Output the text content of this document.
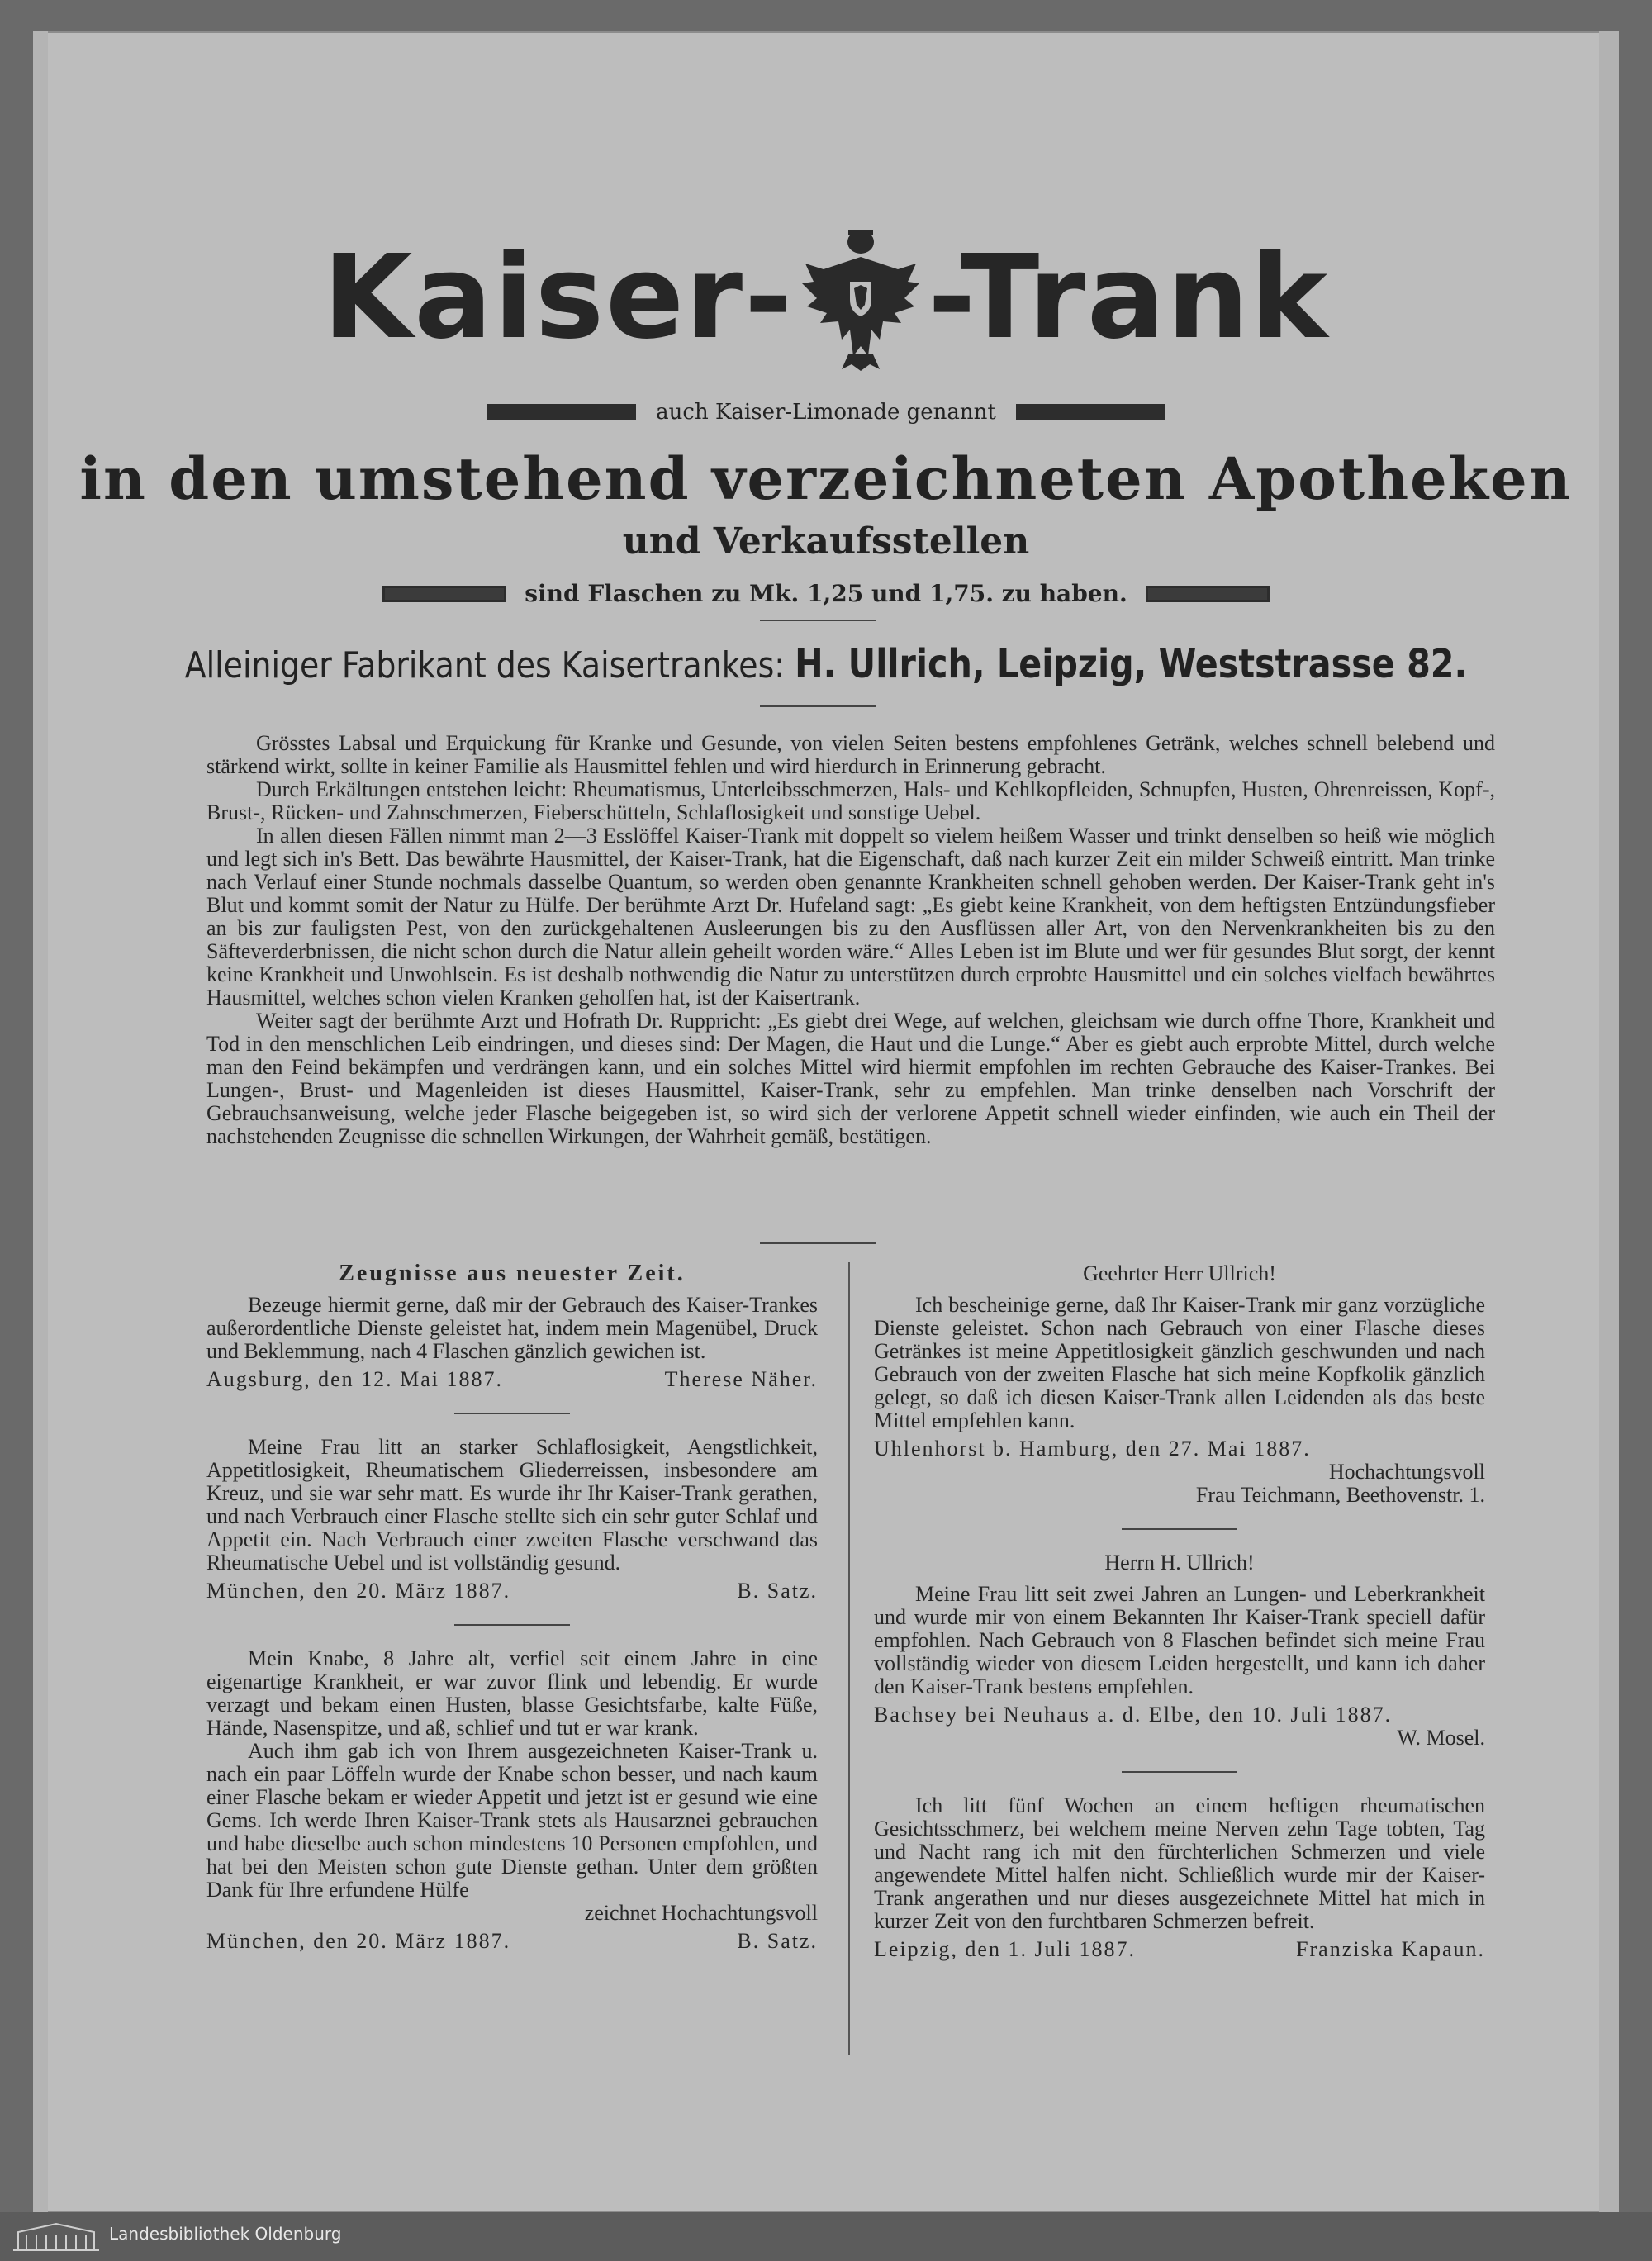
Kaiser- -Trank
auch Kaiser-Limonade genannt
in den umstehend verzeichneten Apotheken
und Verkaufsstellen
sind Flaschen zu Mk. 1,25 und 1,75. zu haben.
Alleiniger Fabrikant des Kaisertrankes: H. Ullrich, Leipzig, Weststrasse 82.

Grösstes Labsal und Erquickung für Kranke und Gesunde, von vielen Seiten bestens empfohlenes Getränk, welches schnell belebend und stärkend wirkt, sollte in keiner Familie als Hausmittel fehlen und wird hierdurch in Erinnerung gebracht.

Durch Erkältungen entstehen leicht: Rheumatismus, Unterleibsschmerzen, Hals- und Kehlkopfleiden, Schnupfen, Husten, Ohrenreissen, Kopf-, Brust-, Rücken- und Zahnschmerzen, Fieberschütteln, Schlaflosigkeit und sonstige Uebel.

In allen diesen Fällen nimmt man 2—3 Esslöffel Kaiser-Trank mit doppelt so vielem heißem Wasser und trinkt denselben so heiß wie möglich und legt sich in's Bett. Das bewährte Hausmittel, der Kaiser-Trank, hat die Eigenschaft, daß nach kurzer Zeit ein milder Schweiß eintritt. Man trinke nach Verlauf einer Stunde nochmals dasselbe Quantum, so werden oben genannte Krankheiten schnell gehoben werden. Der Kaiser-Trank geht in's Blut und kommt somit der Natur zu Hülfe. Der berühmte Arzt Dr. Hufeland sagt: „Es giebt keine Krankheit, von dem heftigsten Entzündungsfieber an bis zur fauligsten Pest, von den zurückgehaltenen Ausleerungen bis zu den Ausflüssen aller Art, von den Nervenkrankheiten bis zu den Säfteverderbnissen, die nicht schon durch die Natur allein geheilt worden wäre.“ Alles Leben ist im Blute und wer für gesundes Blut sorgt, der kennt keine Krankheit und Unwohlsein. Es ist deshalb nothwendig die Natur zu unterstützen durch erprobte Hausmittel und ein solches vielfach bewährtes Hausmittel, welches schon vielen Kranken geholfen hat, ist der Kaisertrank.

Weiter sagt der berühmte Arzt und Hofrath Dr. Ruppricht: „Es giebt drei Wege, auf welchen, gleichsam wie durch offne Thore, Krankheit und Tod in den menschlichen Leib eindringen, und dieses sind: Der Magen, die Haut und die Lunge.“ Aber es giebt auch erprobte Mittel, durch welche man den Feind bekämpfen und verdrängen kann, und ein solches Mittel wird hiermit empfohlen im rechten Gebrauche des Kaiser-Trankes. Bei Lungen-, Brust- und Magenleiden ist dieses Hausmittel, Kaiser-Trank, sehr zu empfehlen. Man trinke denselben nach Vorschrift der Gebrauchsanweisung, welche jeder Flasche beigegeben ist, so wird sich der verlorene Appetit schnell wieder einfinden, wie auch ein Theil der nachstehenden Zeugnisse die schnellen Wirkungen, der Wahrheit gemäß, bestätigen.

Zeugnisse aus neuester Zeit.

Bezeuge hiermit gerne, daß mir der Gebrauch des Kaiser-Trankes außerordentliche Dienste geleistet hat, indem mein Magenübel, Druck und Beklemmung, nach 4 Flaschen gänzlich gewichen ist.

Augsburg, den 12. Mai 1887.	Therese Näher.

Meine Frau litt an starker Schlaflosigkeit, Aengstlichkeit, Appetitlosigkeit, Rheumatischem Gliederreissen, insbesondere am Kreuz, und sie war sehr matt. Es wurde ihr Ihr Kaiser-Trank gerathen, und nach Verbrauch einer Flasche stellte sich ein sehr guter Schlaf und Appetit ein. Nach Verbrauch einer zweiten Flasche verschwand das Rheumatische Uebel und ist vollständig gesund.

München, den 20. März 1887.	B. Satz.

Mein Knabe, 8 Jahre alt, verfiel seit einem Jahre in eine eigenartige Krankheit, er war zuvor flink und lebendig. Er wurde verzagt und bekam einen Husten, blasse Gesichtsfarbe, kalte Füße, Hände, Nasenspitze, und aß, schlief und tut er war krank.

Auch ihm gab ich von Ihrem ausgezeichneten Kaiser-Trank u. nach ein paar Löffeln wurde der Knabe schon besser, und nach kaum einer Flasche bekam er wieder Appetit und jetzt ist er gesund wie eine Gems. Ich werde Ihren Kaiser-Trank stets als Hausarznei gebrauchen und habe dieselbe auch schon mindestens 10 Personen empfohlen, und hat bei den Meisten schon gute Dienste gethan. Unter dem größten Dank für Ihre erfundene Hülfe

zeichnet Hochachtungsvoll

München, den 20. März 1887.	B. Satz.
Geehrter Herr Ullrich!

Ich bescheinige gerne, daß Ihr Kaiser-Trank mir ganz vorzügliche Dienste geleistet. Schon nach Gebrauch von einer Flasche dieses Getränkes ist meine Appetitlosigkeit gänzlich geschwunden und nach Gebrauch von der zweiten Flasche hat sich meine Kopfkolik gänzlich gelegt, so daß ich diesen Kaiser-Trank allen Leidenden als das beste Mittel empfehlen kann.

Uhlenhorst b. Hamburg, den 27. Mai 1887.

Hochachtungsvoll

Frau Teichmann, Beethovenstr. 1.

Herrn H. Ullrich!

Meine Frau litt seit zwei Jahren an Lungen- und Leberkrankheit und wurde mir von einem Bekannten Ihr Kaiser-Trank speciell dafür empfohlen. Nach Gebrauch von 8 Flaschen befindet sich meine Frau vollständig wieder von diesem Leiden hergestellt, und kann ich daher den Kaiser-Trank bestens empfehlen.

Bachsey bei Neuhaus a. d. Elbe, den 10. Juli 1887.

W. Mosel.

Ich litt fünf Wochen an einem heftigen rheumatischen Gesichtsschmerz, bei welchem meine Nerven zehn Tage tobten, Tag und Nacht rang ich mit den fürchterlichen Schmerzen und viele angewendete Mittel halfen nicht. Schließlich wurde mir der Kaiser-Trank angerathen und nur dieses ausgezeichnete Mittel hat mich in kurzer Zeit von den furchtbaren Schmerzen befreit.

Leipzig, den 1. Juli 1887.	Franziska Kapaun.
Landesbibliothek Oldenburg
